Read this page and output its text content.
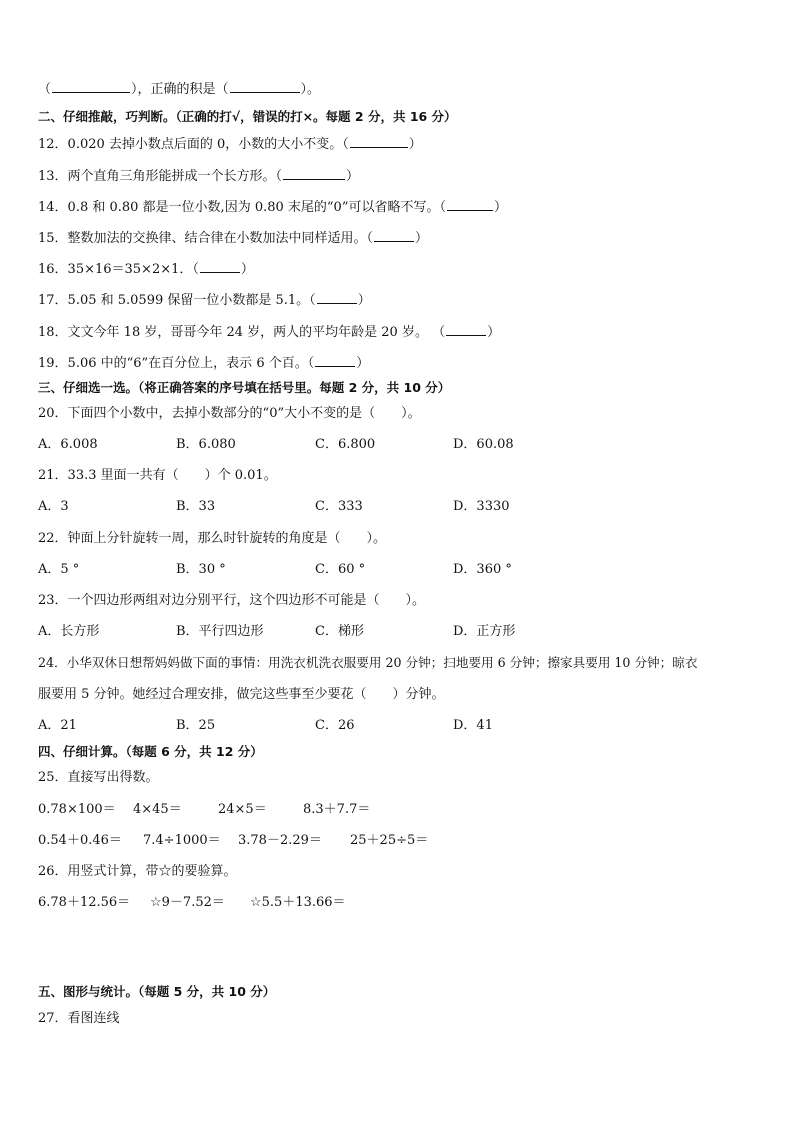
（	），正确的积是（	）。
二、仔细推敲，巧判断。（正确的打√，错误的打×。每题 2 分，共 16 分）
12．0.020 去掉小数点后面的 0，小数的大小不变。（	）
13．两个直角三角形能拼成一个长方形。（	）
14．0.8 和 0.80 都是一位小数,因为 0.80 末尾的“0”可以省略不写。（	）
15．整数加法的交换律、结合律在小数加法中同样适用。（	）
16．35×16＝35×2×1．（	）
17．5.05 和 5.0599 保留一位小数都是 5.1。（	）
18．文文今年 18 岁，哥哥今年 24 岁，两人的平均年龄是 20 岁。 （	）
19．5.06 中的“6”在百分位上，表示 6 个百。（	）
三、仔细选一选。（将正确答案的序号填在括号里。每题 2 分，共 10 分）
20．下面四个小数中，去掉小数部分的“0”大小不变的是（　　）。
A．6.008	B．6.080	C．6.800	D．60.08
21．33.3 里面一共有（　　）个 0.01。
A．3	B．33	C．333	D．3330
22．钟面上分针旋转一周，那么时针旋转的角度是（　　）。
A．5 °	B．30 °	C．60 °	D．360 °
23．一个四边形两组对边分别平行，这个四边形不可能是（　　）。
A．长方形	B．平行四边形	C．梯形	D．正方形
24．小华双休日想帮妈妈做下面的事情：用洗衣机洗衣服要用 20 分钟；扫地要用 6 分钟；擦家具要用 10 分钟；晾衣
服要用 5 分钟。她经过合理安排，做完这些事至少要花（　　）分钟。
A．21	B．25	C．26	D．41
四、仔细计算。（每题 6 分，共 12 分）
25．直接写出得数。
0.78×100＝ 4×45＝	24×5＝	8.3＋7.7＝
0.54＋0.46＝ 7.4÷1000＝ 3.78－2.29＝ 25＋25÷5＝
26．用竖式计算，带☆的要验算。
6.78＋12.56＝ ☆9－7.52＝ ☆5.5＋13.66＝
五、图形与统计。（每题 5 分，共 10 分）
27．看图连线
